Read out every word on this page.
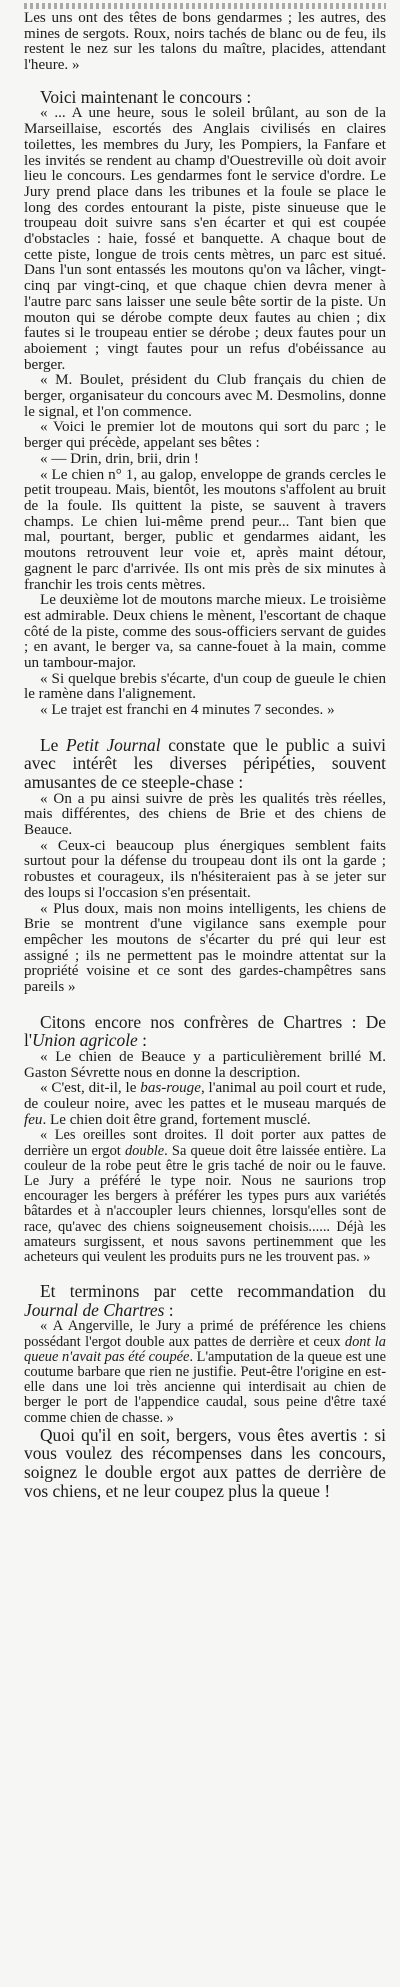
Les uns ont des têtes de bons gendarmes ; les autres, des mines de sergots. Roux, noirs tachés de blanc ou de feu, ils restent le nez sur les talons du maître, placides, attendant l'heure. »

Voici maintenant le concours :

« ... A une heure, sous le soleil brûlant, au son de la Marseillaise, escortés des Anglais civilisés en claires toilettes, les membres du Jury, les Pompiers, la Fanfare et les invités se rendent au champ d'Ouestreville où doit avoir lieu le concours. Les gendarmes font le service d'ordre. Le Jury prend place dans les tribunes et la foule se place le long des cordes entourant la piste, piste sinueuse que le troupeau doit suivre sans s'en écarter et qui est coupée d'obstacles : haie, fossé et banquette. A chaque bout de cette piste, longue de trois cents mètres, un parc est situé. Dans l'un sont entassés les moutons qu'on va lâcher, vingt-cinq par vingt-cinq, et que chaque chien devra mener à l'autre parc sans laisser une seule bête sortir de la piste. Un mouton qui se dérobe compte deux fautes au chien ; dix fautes si le troupeau entier se dérobe ; deux fautes pour un aboiement ; vingt fautes pour un refus d'obéissance au berger.

« M. Boulet, président du Club français du chien de berger, organisateur du concours avec M. Desmolins, donne le signal, et l'on commence.

« Voici le premier lot de moutons qui sort du parc ; le berger qui précède, appelant ses bêtes :

« — Drin, drin, brii, drin !

« Le chien n° 1, au galop, enveloppe de grands cercles le petit troupeau. Mais, bientôt, les moutons s'affolent au bruit de la foule. Ils quittent la piste, se sauvent à travers champs. Le chien lui-même prend peur... Tant bien que mal, pourtant, berger, public et gendarmes aidant, les moutons retrouvent leur voie et, après maint détour, gagnent le parc d'arrivée. Ils ont mis près de six minutes à franchir les trois cents mètres.

Le deuxième lot de moutons marche mieux. Le troisième est admirable. Deux chiens le mènent, l'escortant de chaque côté de la piste, comme des sous-officiers servant de guides ; en avant, le berger va, sa canne-fouet à la main, comme un tambour-major.

« Si quelque brebis s'écarte, d'un coup de gueule le chien le ramène dans l'alignement.

« Le trajet est franchi en 4 minutes 7 secondes. »

Le Petit Journal constate que le public a suivi avec intérêt les diverses péripéties, souvent amusantes de ce steeple-chase :

« On a pu ainsi suivre de près les qualités très réelles, mais différentes, des chiens de Brie et des chiens de Beauce.

« Ceux-ci beaucoup plus énergiques semblent faits surtout pour la défense du troupeau dont ils ont la garde ; robustes et courageux, ils n'hésiteraient pas à se jeter sur des loups si l'occasion s'en présentait.

« Plus doux, mais non moins intelligents, les chiens de Brie se montrent d'une vigilance sans exemple pour empêcher les moutons de s'écarter du pré qui leur est assigné ; ils ne permettent pas le moindre attentat sur la propriété voisine et ce sont des gardes-champêtres sans pareils »

Citons encore nos confrères de Chartres : De l'Union agricole :

« Le chien de Beauce y a particulièrement brillé M. Gaston Sévrette nous en donne la description.

« C'est, dit-il, le bas-rouge, l'animal au poil court et rude, de couleur noire, avec les pattes et le museau marqués de feu. Le chien doit être grand, fortement musclé.

« Les oreilles sont droites. Il doit porter aux pattes de derrière un ergot double. Sa queue doit être laissée entière. La couleur de la robe peut être le gris taché de noir ou le fauve. Le Jury a préféré le type noir. Nous ne saurions trop encourager les bergers à préférer les types purs aux variétés bâtardes et à n'accoupler leurs chiennes, lorsqu'elles sont de race, qu'avec des chiens soigneusement choisis...... Déjà les amateurs surgissent, et nous savons pertinemment que les acheteurs qui veulent les produits purs ne les trouvent pas. »

Et terminons par cette recommandation du Journal de Chartres :

« A Angerville, le Jury a primé de préférence les chiens possédant l'ergot double aux pattes de derrière et ceux dont la queue n'avait pas été coupée. L'amputation de la queue est une coutume barbare que rien ne justifie. Peut-être l'origine en est-elle dans une loi très ancienne qui interdisait au chien de berger le port de l'appendice caudal, sous peine d'être taxé comme chien de chasse. »

Quoi qu'il en soit, bergers, vous êtes avertis : si vous voulez des récompenses dans les concours, soignez le double ergot aux pattes de derrière de vos chiens, et ne leur coupez plus la queue !
